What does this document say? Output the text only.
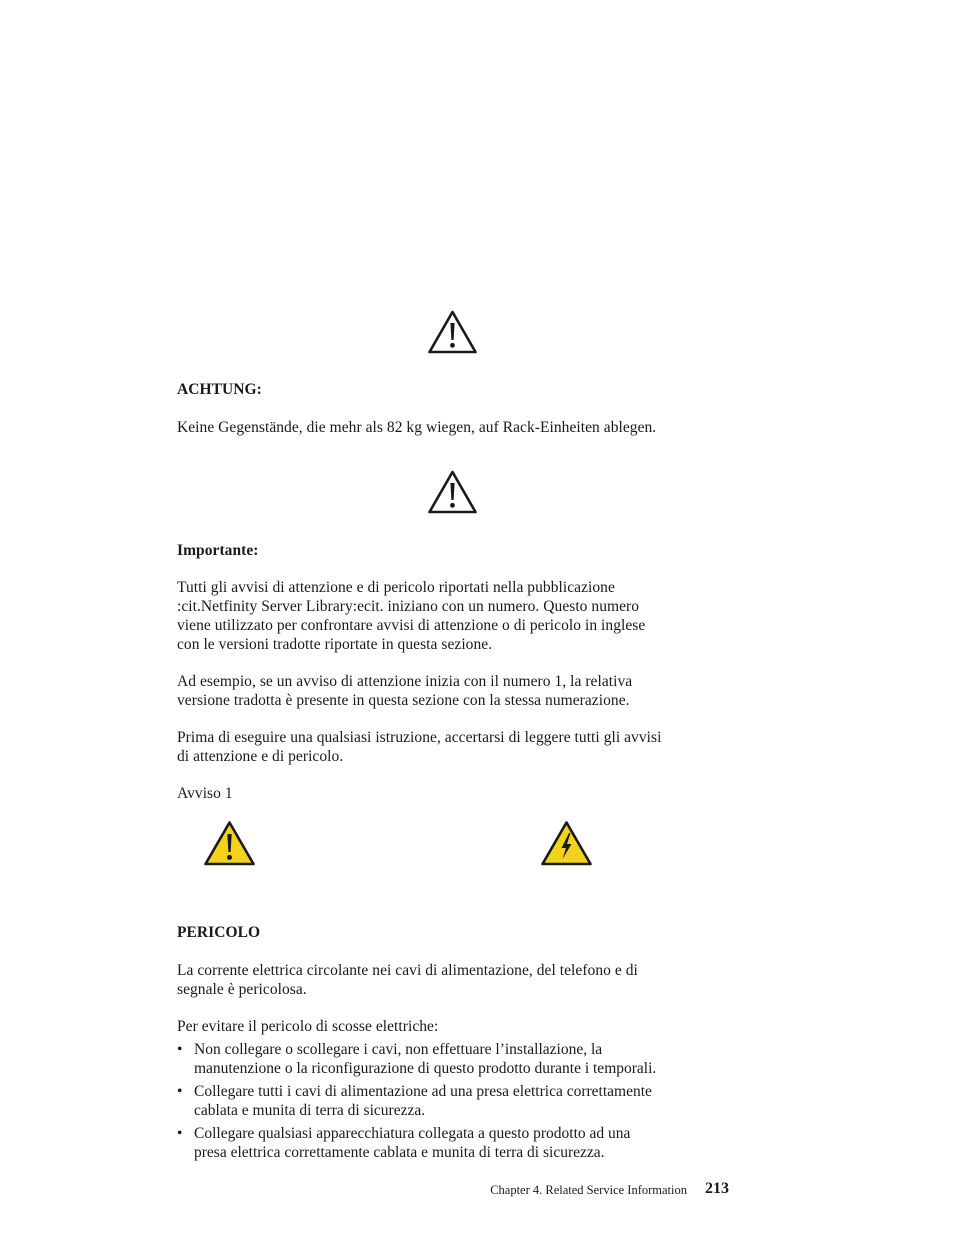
ACHTUNG:
Keine Gegenstände, die mehr als 82 kg wiegen, auf Rack-Einheiten ablegen.
Importante:
Tutti gli avvisi di attenzione e di pericolo riportati nella pubblicazione
:cit.Netfinity Server Library:ecit. iniziano con un numero. Questo numero
viene utilizzato per confrontare avvisi di attenzione o di pericolo in inglese
con le versioni tradotte riportate in questa sezione.
Ad esempio, se un avviso di attenzione inizia con il numero 1, la relativa
versione tradotta è presente in questa sezione con la stessa numerazione.
Prima di eseguire una qualsiasi istruzione, accertarsi di leggere tutti gli avvisi
di attenzione e di pericolo.
Avviso 1
PERICOLO
La corrente elettrica circolante nei cavi di alimentazione, del telefono e di
segnale è pericolosa.
Per evitare il pericolo di scosse elettriche:
• Non collegare o scollegare i cavi, non effettuare l’installazione, la
manutenzione o la riconfigurazione di questo prodotto durante i temporali.
• Collegare tutti i cavi di alimentazione ad una presa elettrica correttamente
cablata e munita di terra di sicurezza.
• Collegare qualsiasi apparecchiatura collegata a questo prodotto ad una
presa elettrica correttamente cablata e munita di terra di sicurezza.
Chapter 4. Related Service Information 213
